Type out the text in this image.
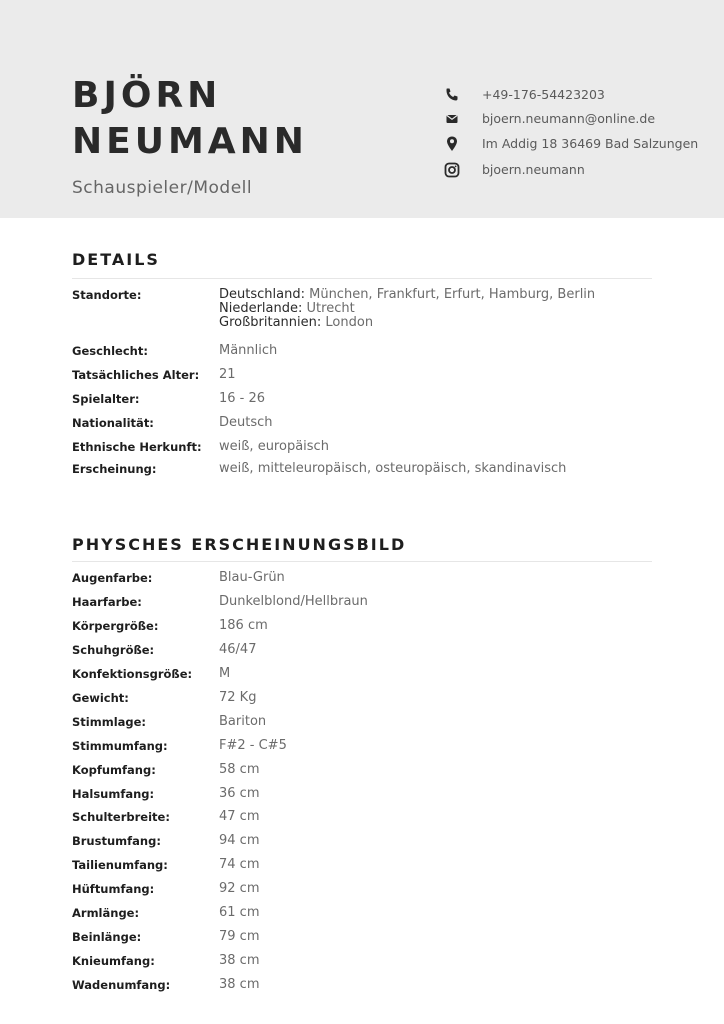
BJÖRN
NEUMANN
Schauspieler/Modell
+49-176-54423203
bjoern.neumann@online.de
Im Addig 18 36469 Bad Salzungen
bjoern.neumann
DETAILS
Standorte:	Deutschland: München, Frankfurt, Erfurt, Hamburg, Berlin
Niederlande: Utrecht
Großbritannien: London
Geschlecht:	Männlich
Tatsächliches Alter: 21
Spielalter:	16 - 26
Nationalität:	Deutsch
Ethnische Herkunft: weiß, europäisch
Erscheinung:	weiß, mitteleuropäisch, osteuropäisch, skandinavisch
PHYSCHES ERSCHEINUNGSBILD
Augenfarbe:	Blau-Grün
Haarfarbe:	Dunkelblond/Hellbraun
Körpergröße:	186 cm
Schuhgröße:	46/47
Konfektionsgröße: M
Gewicht:	72 Kg
Stimmlage:	Bariton
Stimmumfang:	F#2 - C#5
Kopfumfang:	58 cm
Halsumfang:	36 cm
Schulterbreite:	47 cm
Brustumfang:	94 cm
Tailienumfang:	74 cm
Hüftumfang:	92 cm
Armlänge:	61 cm
Beinlänge:	79 cm
Knieumfang:	38 cm
Wadenumfang:	38 cm
